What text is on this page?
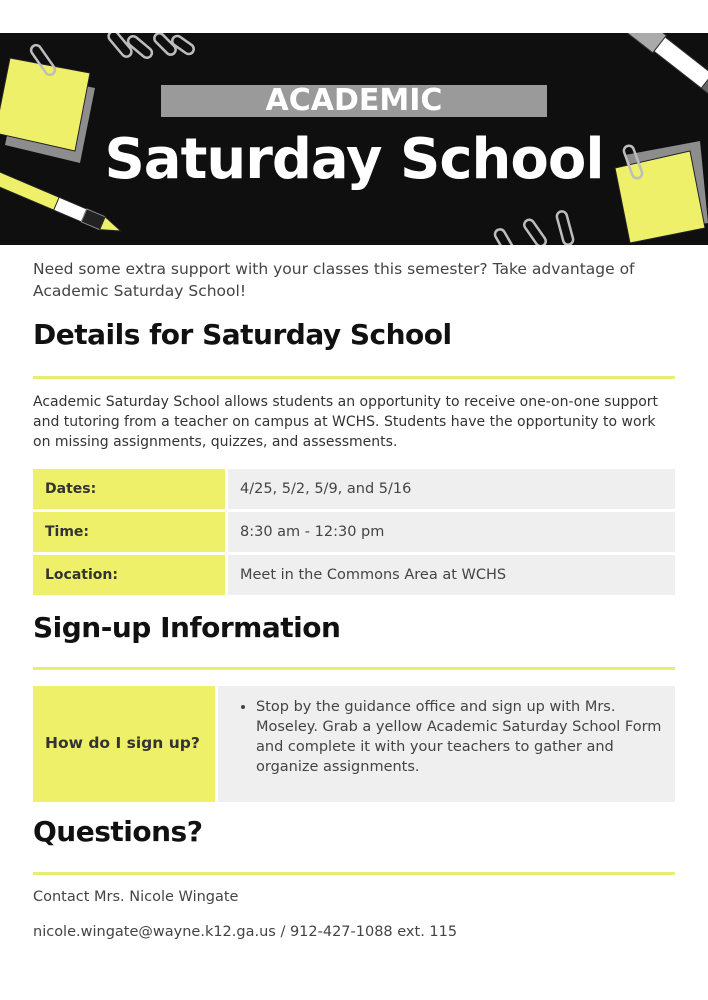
ACADEMIC
Saturday School
Need some extra support with your classes this semester? Take advantage of Academic Saturday School!
Details for Saturday School
Academic Saturday School allows students an opportunity to receive one-on-one support and tutoring from a teacher on campus at WCHS. Students have the opportunity to work on missing assignments, quizzes, and assessments.
Dates:	4/25, 5/2, 5/9, and 5/16
Time:	8:30 am - 12:30 pm
Location:	Meet in the Commons Area at WCHS
Sign-up Information
How do I sign up?
• Stop by the guidance office and sign up with Mrs. Moseley. Grab a yellow Academic Saturday School Form and complete it with your teachers to gather and organize assignments.
Questions?
Contact Mrs. Nicole Wingate
nicole.wingate@wayne.k12.ga.us / 912-427-1088 ext. 115
